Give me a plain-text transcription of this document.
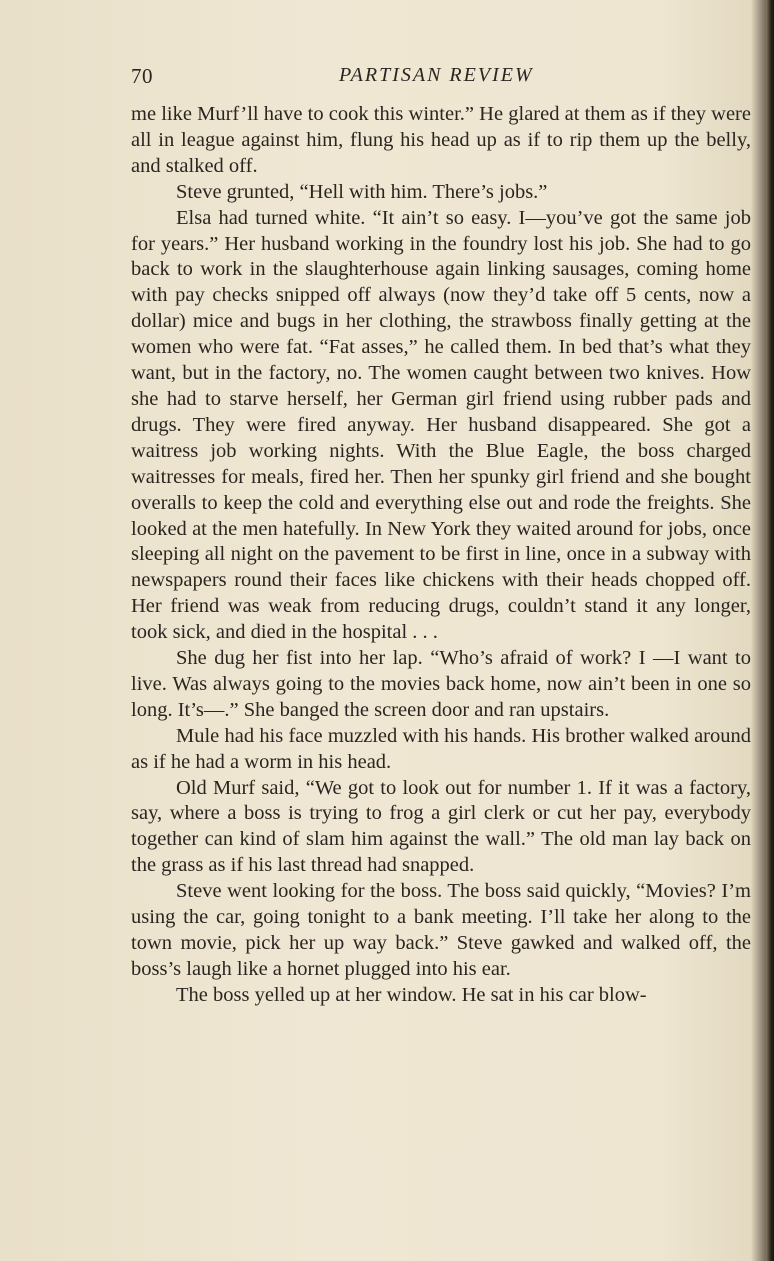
70	PARTISAN REVIEW

me like Murf’ll have to cook this winter.” He glared at them as if they were all in league against him, flung his head up as if to rip them up the belly, and stalked off.

Steve grunted, “Hell with him. There’s jobs.”

Elsa had turned white. “It ain’t so easy. I—you’ve got the same job for years.” Her husband working in the foundry lost his job. She had to go back to work in the slaughterhouse again linking sausages, coming home with pay checks snipped off always (now they’d take off 5 cents, now a dollar) mice and bugs in her clothing, the strawboss finally getting at the women who were fat. “Fat asses,” he called them. In bed that’s what they want, but in the factory, no. The women caught between two knives. How she had to starve herself, her German girl friend using rubber pads and drugs. They were fired anyway. Her husband disappeared. She got a waitress job working nights. With the Blue Eagle, the boss charged waitresses for meals, fired her. Then her spunky girl friend and she bought overalls to keep the cold and everything else out and rode the freights. She looked at the men hatefully. In New York they waited around for jobs, once sleeping all night on the pavement to be first in line, once in a subway with newspapers round their faces like chickens with their heads chopped off. Her friend was weak from reducing drugs, couldn’t stand it any longer, took sick, and died in the hospital . . .

She dug her fist into her lap. “Who’s afraid of work? I —I want to live. Was always going to the movies back home, now ain’t been in one so long. It’s—.” She banged the screen door and ran upstairs.

Mule had his face muzzled with his hands. His brother walked around as if he had a worm in his head.

Old Murf said, “We got to look out for number 1. If it was a factory, say, where a boss is trying to frog a girl clerk or cut her pay, everybody together can kind of slam him against the wall.” The old man lay back on the grass as if his last thread had snapped.

Steve went looking for the boss. The boss said quickly, “Movies? I’m using the car, going tonight to a bank meeting. I’ll take her along to the town movie, pick her up way back.” Steve gawked and walked off, the boss’s laugh like a hornet plugged into his ear.

The boss yelled up at her window. He sat in his car blow-
